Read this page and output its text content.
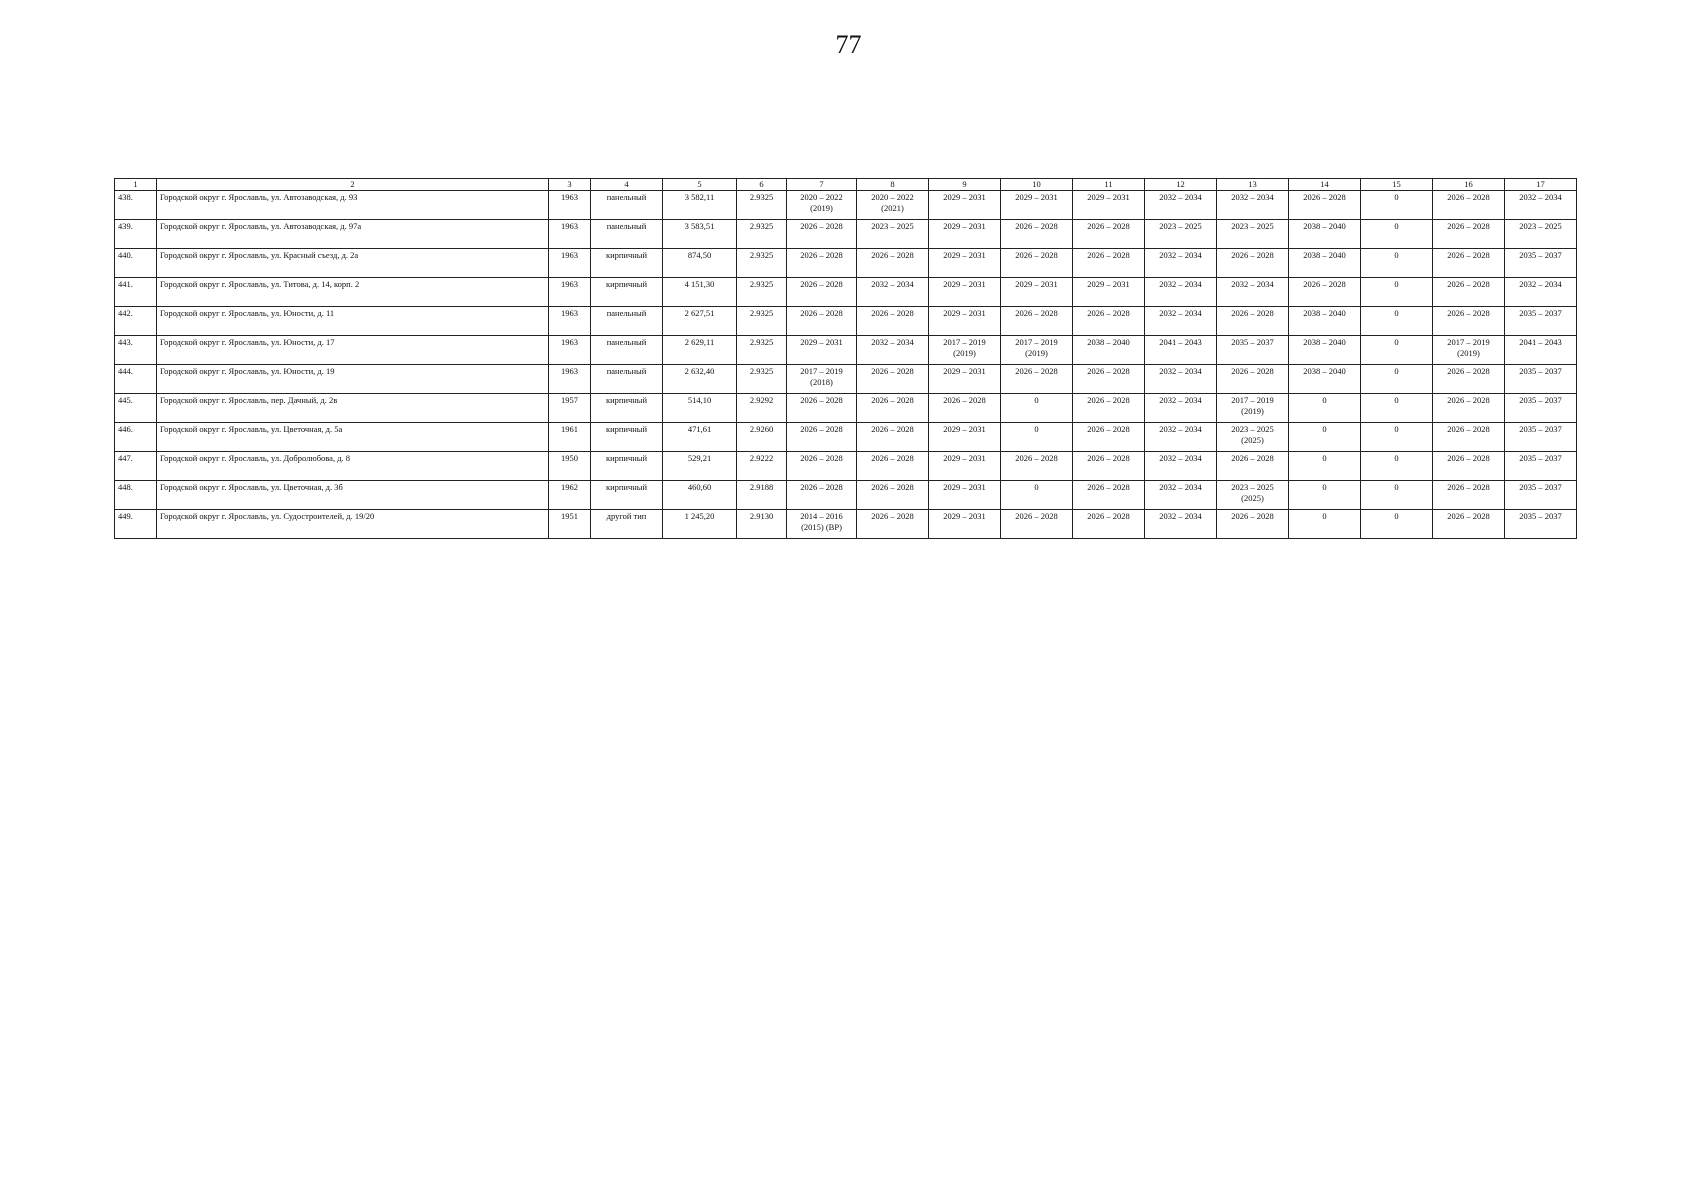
77
1	2	3	4	5	6	7	8	9	10	11	12	13	14	15	16	17
438.	Городской округ г. Ярославль, ул. Автозаводская, д. 93	1963	панельный	3 582,11	2.9325	2020 – 2022 (2019)	2020 – 2022 (2021)	2029 – 2031	2029 – 2031	2029 – 2031	2032 – 2034	2032 – 2034	2026 – 2028	0	2026 – 2028	2032 – 2034
439.	Городской округ г. Ярославль, ул. Автозаводская, д. 97а	1963	панельный	3 583,51	2.9325	2026 – 2028	2023 – 2025	2029 – 2031	2026 – 2028	2026 – 2028	2023 – 2025	2023 – 2025	2038 – 2040	0	2026 – 2028	2023 – 2025
440.	Городской округ г. Ярославль, ул. Красный съезд, д. 2а	1963	кирпичный	874,50	2.9325	2026 – 2028	2026 – 2028	2029 – 2031	2026 – 2028	2026 – 2028	2032 – 2034	2026 – 2028	2038 – 2040	0	2026 – 2028	2035 – 2037
441.	Городской округ г. Ярославль, ул. Титова, д. 14, корп. 2	1963	кирпичный	4 151,30	2.9325	2026 – 2028	2032 – 2034	2029 – 2031	2029 – 2031	2029 – 2031	2032 – 2034	2032 – 2034	2026 – 2028	0	2026 – 2028	2032 – 2034
442.	Городской округ г. Ярославль, ул. Юности, д. 11	1963	панельный	2 627,51	2.9325	2026 – 2028	2026 – 2028	2029 – 2031	2026 – 2028	2026 – 2028	2032 – 2034	2026 – 2028	2038 – 2040	0	2026 – 2028	2035 – 2037
443.	Городской округ г. Ярославль, ул. Юности, д. 17	1963	панельный	2 629,11	2.9325	2029 – 2031	2032 – 2034	2017 – 2019 (2019)	2017 – 2019 (2019)	2038 – 2040	2041 – 2043	2035 – 2037	2038 – 2040	0	2017 – 2019 (2019)	2041 – 2043
444.	Городской округ г. Ярославль, ул. Юности, д. 19	1963	панельный	2 632,40	2.9325	2017 – 2019 (2018)	2026 – 2028	2029 – 2031	2026 – 2028	2026 – 2028	2032 – 2034	2026 – 2028	2038 – 2040	0	2026 – 2028	2035 – 2037
445.	Городской округ г. Ярославль, пер. Дачный, д. 2в	1957	кирпичный	514,10	2.9292	2026 – 2028	2026 – 2028	2026 – 2028	0	2026 – 2028	2032 – 2034	2017 – 2019 (2019)	0	0	2026 – 2028	2035 – 2037
446.	Городской округ г. Ярославль, ул. Цветочная, д. 5а	1961	кирпичный	471,61	2.9260	2026 – 2028	2026 – 2028	2029 – 2031	0	2026 – 2028	2032 – 2034	2023 – 2025 (2025)	0	0	2026 – 2028	2035 – 2037
447.	Городской округ г. Ярославль, ул. Добролюбова, д. 8	1950	кирпичный	529,21	2.9222	2026 – 2028	2026 – 2028	2029 – 2031	2026 – 2028	2026 – 2028	2032 – 2034	2026 – 2028	0	0	2026 – 2028	2035 – 2037
448.	Городской округ г. Ярославль, ул. Цветочная, д. 3б	1962	кирпичный	460,60	2.9188	2026 – 2028	2026 – 2028	2029 – 2031	0	2026 – 2028	2032 – 2034	2023 – 2025 (2025)	0	0	2026 – 2028	2035 – 2037
449.	Городской округ г. Ярославль, ул. Судостроителей, д. 19/20	1951	другой тип	1 245,20	2.9130	2014 – 2016 (2015) (ВР)	2026 – 2028	2029 – 2031	2026 – 2028	2026 – 2028	2032 – 2034	2026 – 2028	0	0	2026 – 2028	2035 – 2037
